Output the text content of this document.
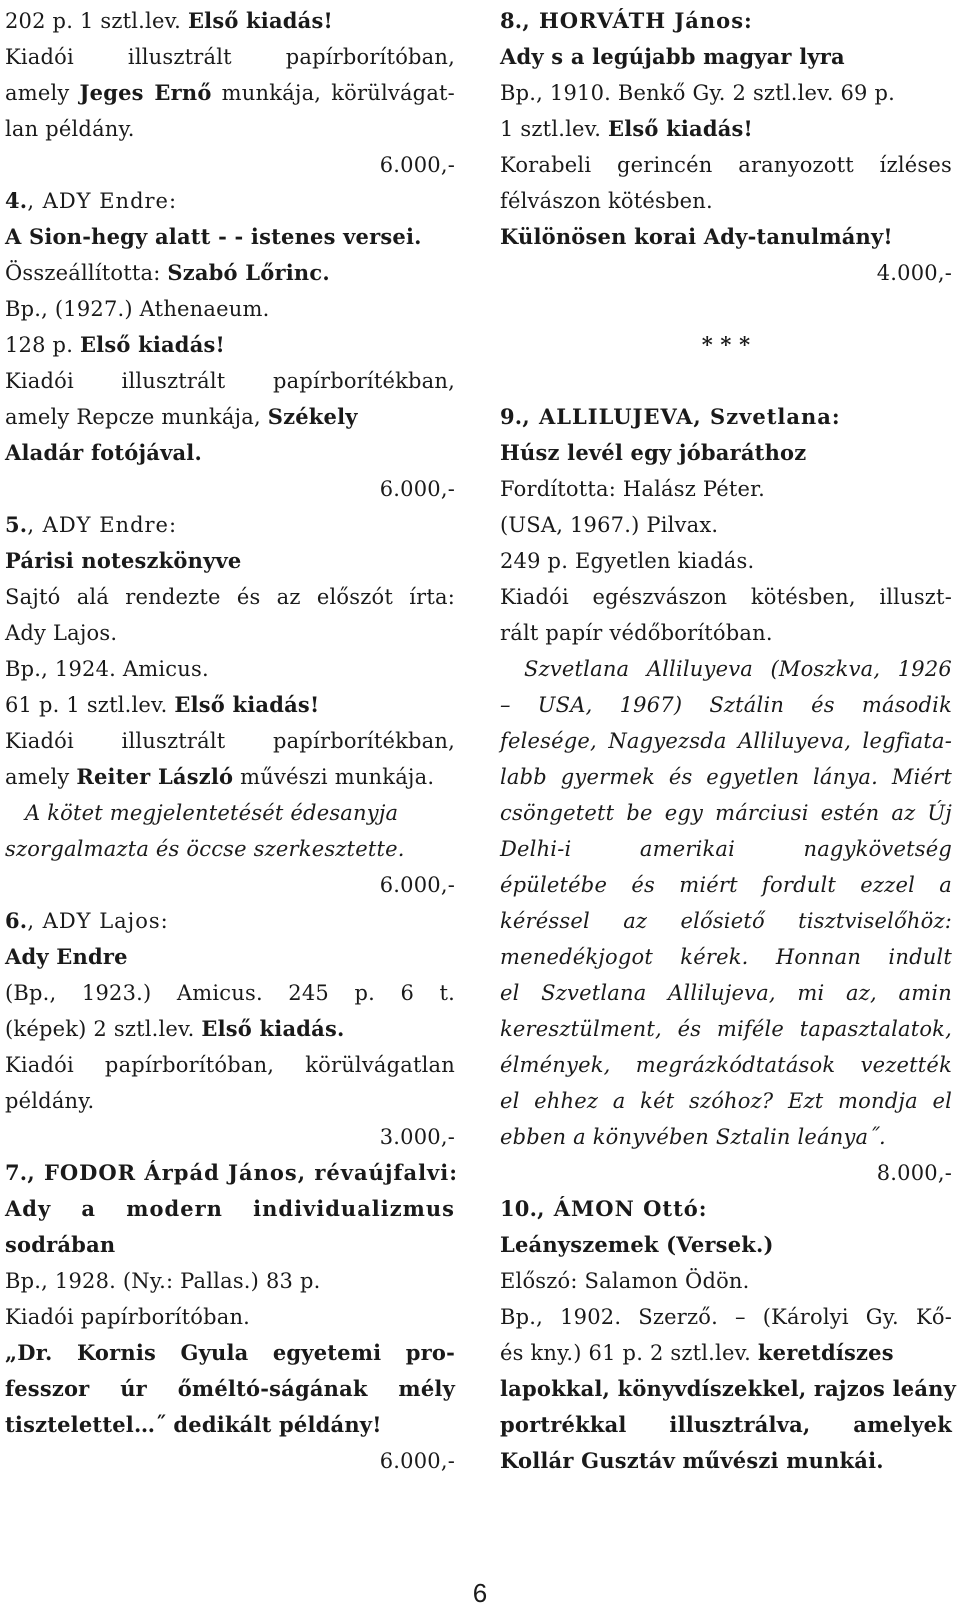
202 p. 1 sztl.lev. Első kiadás!
Kiadói illusztrált papírborítóban,
amely Jeges Ernő munkája, körülvágat-
lan példány.
6.000,-
4., ADY Endre:
A Sion-hegy alatt - - istenes versei.
Összeállította: Szabó Lőrinc.
Bp., (1927.) Athenaeum.
128 p. Első kiadás!
Kiadói illusztrált papírborítékban,
amely Repcze munkája, Székely
Aladár fotójával.
6.000,-
5., ADY Endre:
Párisi noteszkönyve
Sajtó alá rendezte és az előszót írta:
Ady Lajos.
Bp., 1924. Amicus.
61 p. 1 sztl.lev. Első kiadás!
Kiadói illusztrált papírborítékban,
amely Reiter László művészi munkája.
A kötet megjelentetését édesanyja
szorgalmazta és öccse szerkesztette.
6.000,-
6., ADY Lajos:
Ady Endre
(Bp., 1923.) Amicus. 245 p. 6 t.
(képek) 2 sztl.lev. Első kiadás.
Kiadói papírborítóban, körülvágatlan
példány.
3.000,-
7., FODOR Árpád János, révaújfalvi:
Ady a modern individualizmus
sodrában
Bp., 1928. (Ny.: Pallas.) 83 p.
Kiadói papírborítóban.
„Dr. Kornis Gyula egyetemi pro-
fesszor úr őméltó-ságának mély
tisztelettel…˝ dedikált példány!
6.000,-
8., HORVÁTH János:
Ady s a legújabb magyar lyra
Bp., 1910. Benkő Gy. 2 sztl.lev. 69 p.
1 sztl.lev. Első kiadás!
Korabeli gerincén aranyozott ízléses
félvászon kötésben.
Különösen korai Ady-tanulmány!
4.000,-
* * *
9., ALLILUJEVA, Szvetlana:
Húsz levél egy jóbaráthoz
Fordította: Halász Péter.
(USA, 1967.) Pilvax.
249 p. Egyetlen kiadás.
Kiadói egészvászon kötésben, illuszt-
rált papír védőborítóban.
Szvetlana Alliluyeva (Moszkva, 1926
– USA, 1967) Sztálin és második
felesége, Nagyezsda Alliluyeva, legfiata-
labb gyermek és egyetlen lánya. Miért
csöngetett be egy márciusi estén az Új
Delhi-i amerikai nagykövetség
épületébe és miért fordult ezzel a
kéréssel az elősiető tisztviselőhöz:
menedékjogot kérek. Honnan indult
el Szvetlana Allilujeva, mi az, amin
keresztülment, és miféle tapasztalatok,
élmények, megrázkódtatások vezették
el ehhez a két szóhoz? Ezt mondja el
ebben a könyvében Sztalin leánya˝.
8.000,-
10., ÁMON Ottó:
Leányszemek (Versek.)
Előszó: Salamon Ödön.
Bp., 1902. Szerző. – (Károlyi Gy. Kő-
és kny.) 61 p. 2 sztl.lev. keretdíszes
lapokkal, könyvdíszekkel, rajzos leány
portrékkal illusztrálva, amelyek
Kollár Gusztáv művészi munkái.
6
